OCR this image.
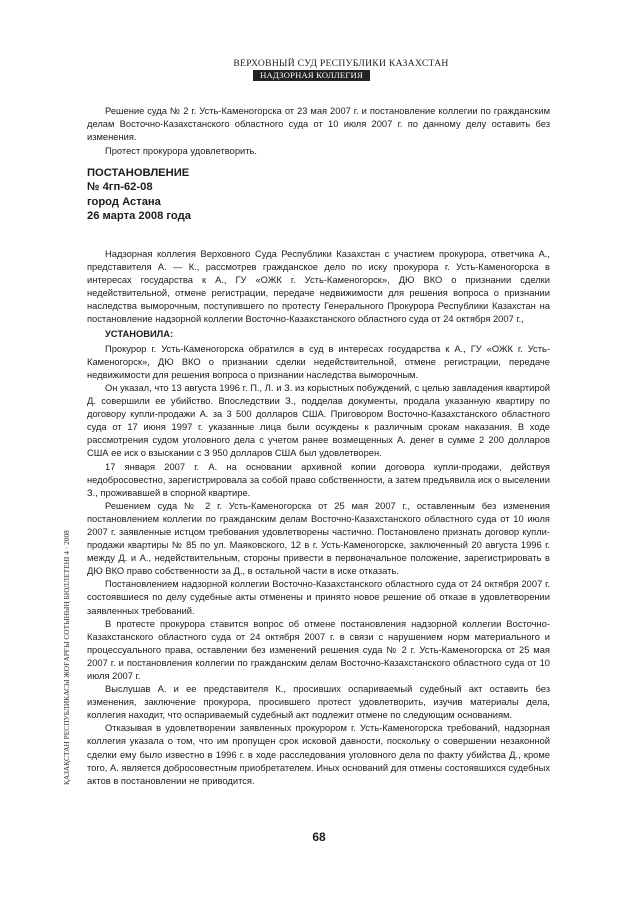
ВЕРХОВНЫЙ СУД РЕСПУБЛИКИ КАЗАХСТАН
НАДЗОРНАЯ КОЛЛЕГИЯ

Решение суда № 2 г. Усть-Каменогорска от 23 мая 2007 г. и постановление коллегии по гражданским делам Восточно-Казахстанского областного суда от 10 июля 2007 г. по данному делу оставить без изменения.

Протест прокурора удовлетворить.

ПОСТАНОВЛЕНИЕ
№ 4гп-62-08
город Астана
26 марта 2008 года

Надзорная коллегия Верховного Суда Республики Казахстан с участием прокурора, ответчика А., представителя А. — К., рассмотрев гражданское дело по иску прокурора г. Усть-Каменогорска в интересах государства к А., ГУ «ОЖК г. Усть-Каменогорск», ДЮ ВКО о признании сделки недействительной, отмене регистрации, передаче недвижимости для решения вопроса о признании наследства выморочным, поступившего по протесту Генерального Прокурора Республики Казахстан на постановление надзорной коллегии Восточно-Казахстанского областного суда от 24 октября 2007 г.,

УСТАНОВИЛА:

Прокурор г. Усть-Каменогорска обратился в суд в интересах государства к А., ГУ «ОЖК г. Усть-Каменогорск», ДЮ ВКО о признании сделки недействительной, отмене регистрации, передаче недвижимости для решения вопроса о признании наследства выморочным.

Он указал, что 13 августа 1996 г. П., Л. и З. из корыстных побуждений, с целью завладения квартирой Д. совершили ее убийство. Впоследствии З., подделав документы, продала указанную квартиру по договору купли-продажи А. за 3 500 долларов США. Приговором Восточно-Казахстанского областного суда от 17 июня 1997 г. указанные лица были осуждены к различным срокам наказания. В ходе рассмотрения судом уголовного дела с учетом ранее возмещенных А. денег в сумме 2 200 долларов США ее иск о взыскании с З 950 долларов США был удовлетворен.

17 января 2007 г. А. на основании архивной копии договора купли-продажи, действуя недобросовестно, зарегистрировала за собой право собственности, а затем предъявила иск о выселении З., проживавшей в спорной квартире.

Решением суда № 2 г. Усть-Каменогорска от 25 мая 2007 г., оставленным без изменения постановлением коллегии по гражданским делам Восточно-Казахстанского областного суда от 10 июля 2007 г. заявленные истцом требования удовлетворены частично. Постановлено признать договор купли-продажи квартиры № 85 по ул. Маяковского, 12 в г. Усть-Каменогорске, заключенный 20 августа 1996 г. между Д. и А., недействительным, стороны привести в первоначальное положение, зарегистрировать в ДЮ ВКО право собственности за Д., в остальной части в иске отказать.

Постановлением надзорной коллегии Восточно-Казахстанского областного суда от 24 октября 2007 г. состоявшиеся по делу судебные акты отменены и принято новое решение об отказе в удовлетворении заявленных требований.

В протесте прокурора ставится вопрос об отмене постановления надзорной коллегии Восточно-Казахстанского областного суда от 24 октября 2007 г. в связи с нарушением норм материального и процессуального права, оставлении без изменений решения суда № 2 г. Усть-Каменогорска от 25 мая 2007 г. и постановления коллегии по гражданским делам Восточно-Казахстанского областного суда от 10 июля 2007 г.

Выслушав А. и ее представителя К., просивших оспариваемый судебный акт оставить без изменения, заключение прокурора, просившего протест удовлетворить, изучив материалы дела, коллегия находит, что оспариваемый судебный акт подлежит отмене по следующим основаниям.

Отказывая в удовлетворении заявленных прокурором г. Усть-Каменогорска требований, надзорная коллегия указала о том, что им пропущен срок исковой давности, поскольку о совершении незаконной сделки ему было известно в 1996 г. в ходе расследования уголовного дела по факту убийства Д., кроме того, А. является добросовестным приобретателем. Иных оснований для отмены состоявшихся судебных актов в постановлении не приводится.

ҚАЗАҚСТАН РЕСПУБЛИКАСЫ ЖОҒАРҒЫ СОТЫНЫҢ БЮЛЛЕТЕНІ 4 · 2008
68
